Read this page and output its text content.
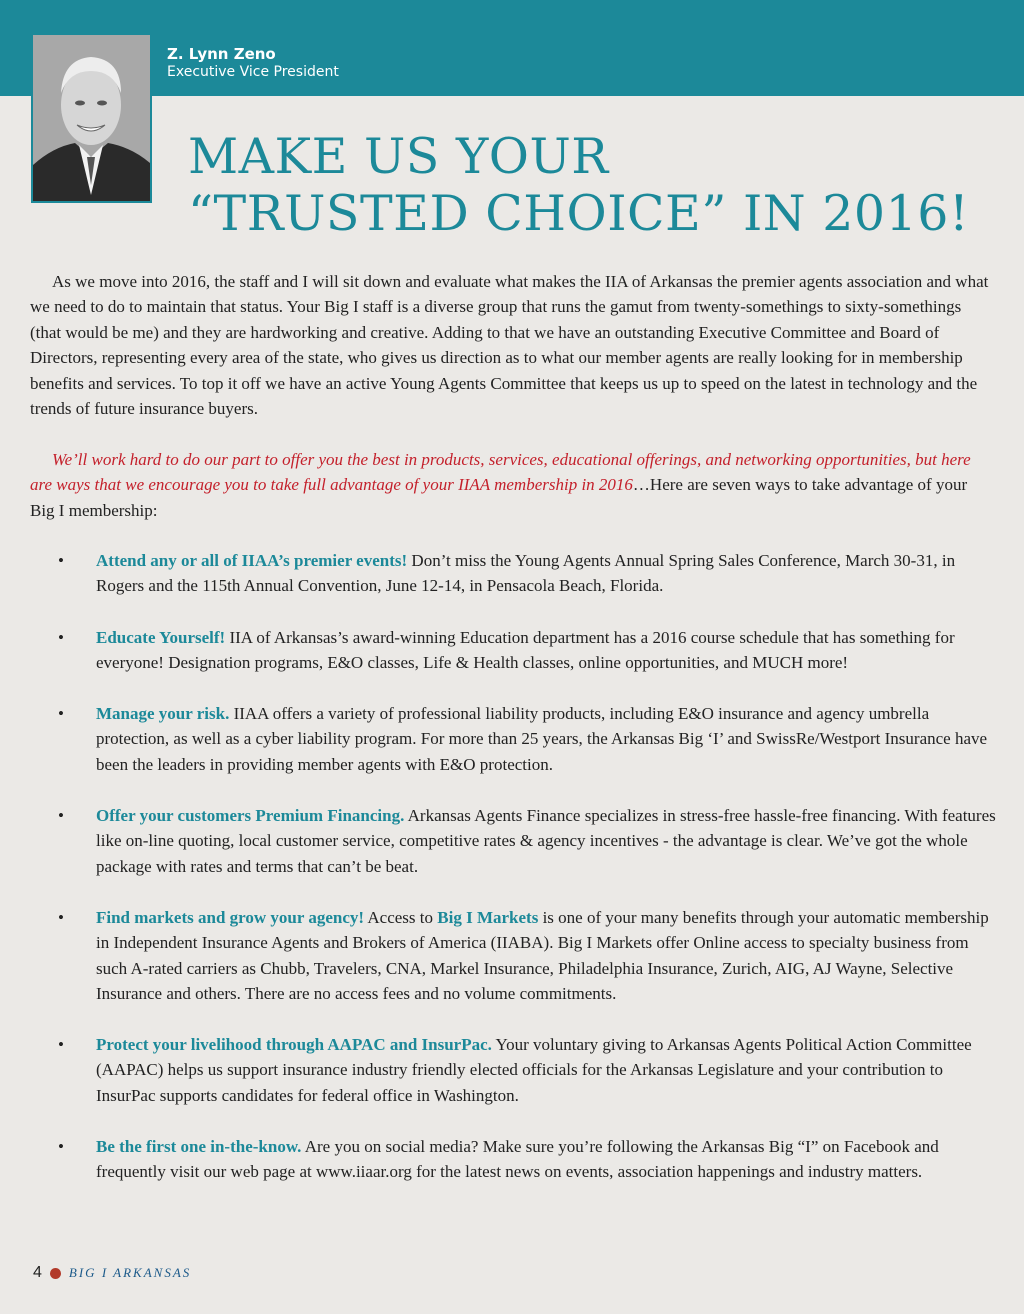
Z. Lynn Zeno
Executive Vice President
MAKE US YOUR
“TRUSTED CHOICE” IN 2016!

As we move into 2016, the staff and I will sit down and evaluate what makes the IIA of Arkansas the premier agents association and what we need to do to maintain that status. Your Big I staff is a diverse group that runs the gamut from twenty-somethings to sixty-somethings (that would be me) and they are hardworking and creative. Adding to that we have an outstanding Executive Committee and Board of Directors, representing every area of the state, who gives us direction as to what our member agents are really looking for in membership benefits and services. To top it off we have an active Young Agents Committee that keeps us up to speed on the latest in technology and the trends of future insurance buyers.

We’ll work hard to do our part to offer you the best in products, services, educational offerings, and networking opportunities, but here are ways that we encourage you to take full advantage of your IIAA membership in 2016…Here are seven ways to take advantage of your Big I membership:

• Attend any or all of IIAA’s premier events! Don’t miss the Young Agents Annual Spring Sales Conference, March 30-31, in Rogers and the 115th Annual Convention, June 12-14, in Pensacola Beach, Florida.
• Educate Yourself! IIA of Arkansas’s award-winning Education department has a 2016 course schedule that has something for everyone! Designation programs, E&O classes, Life & Health classes, online opportunities, and MUCH more!
• Manage your risk. IIAA offers a variety of professional liability products, including E&O insurance and agency umbrella protection, as well as a cyber liability program. For more than 25 years, the Arkansas Big ‘I’ and SwissRe/Westport Insurance have been the leaders in providing member agents with E&O protection.
• Offer your customers Premium Financing. Arkansas Agents Finance specializes in stress-free hassle-free financing. With features like on-line quoting, local customer service, competitive rates & agency incentives - the advantage is clear. We’ve got the whole package with rates and terms that can’t be beat.
• Find markets and grow your agency! Access to Big I Markets is one of your many benefits through your automatic membership in Independent Insurance Agents and Brokers of America (IIABA). Big I Markets offer Online access to specialty business from such A-rated carriers as Chubb, Travelers, CNA, Markel Insurance, Philadelphia Insurance, Zurich, AIG, AJ Wayne, Selective Insurance and others. There are no access fees and no volume commitments.
• Protect your livelihood through AAPAC and InsurPac. Your voluntary giving to Arkansas Agents Political Action Committee (AAPAC) helps us support insurance industry friendly elected officials for the Arkansas Legislature and your contribution to InsurPac supports candidates for federal office in Washington.
• Be the first one in-the-know. Are you on social media? Make sure you’re following the Arkansas Big “I” on Facebook and frequently visit our web page at www.iiaar.org for the latest news on events, association happenings and industry matters.
4 BIG I ARKANSAS
